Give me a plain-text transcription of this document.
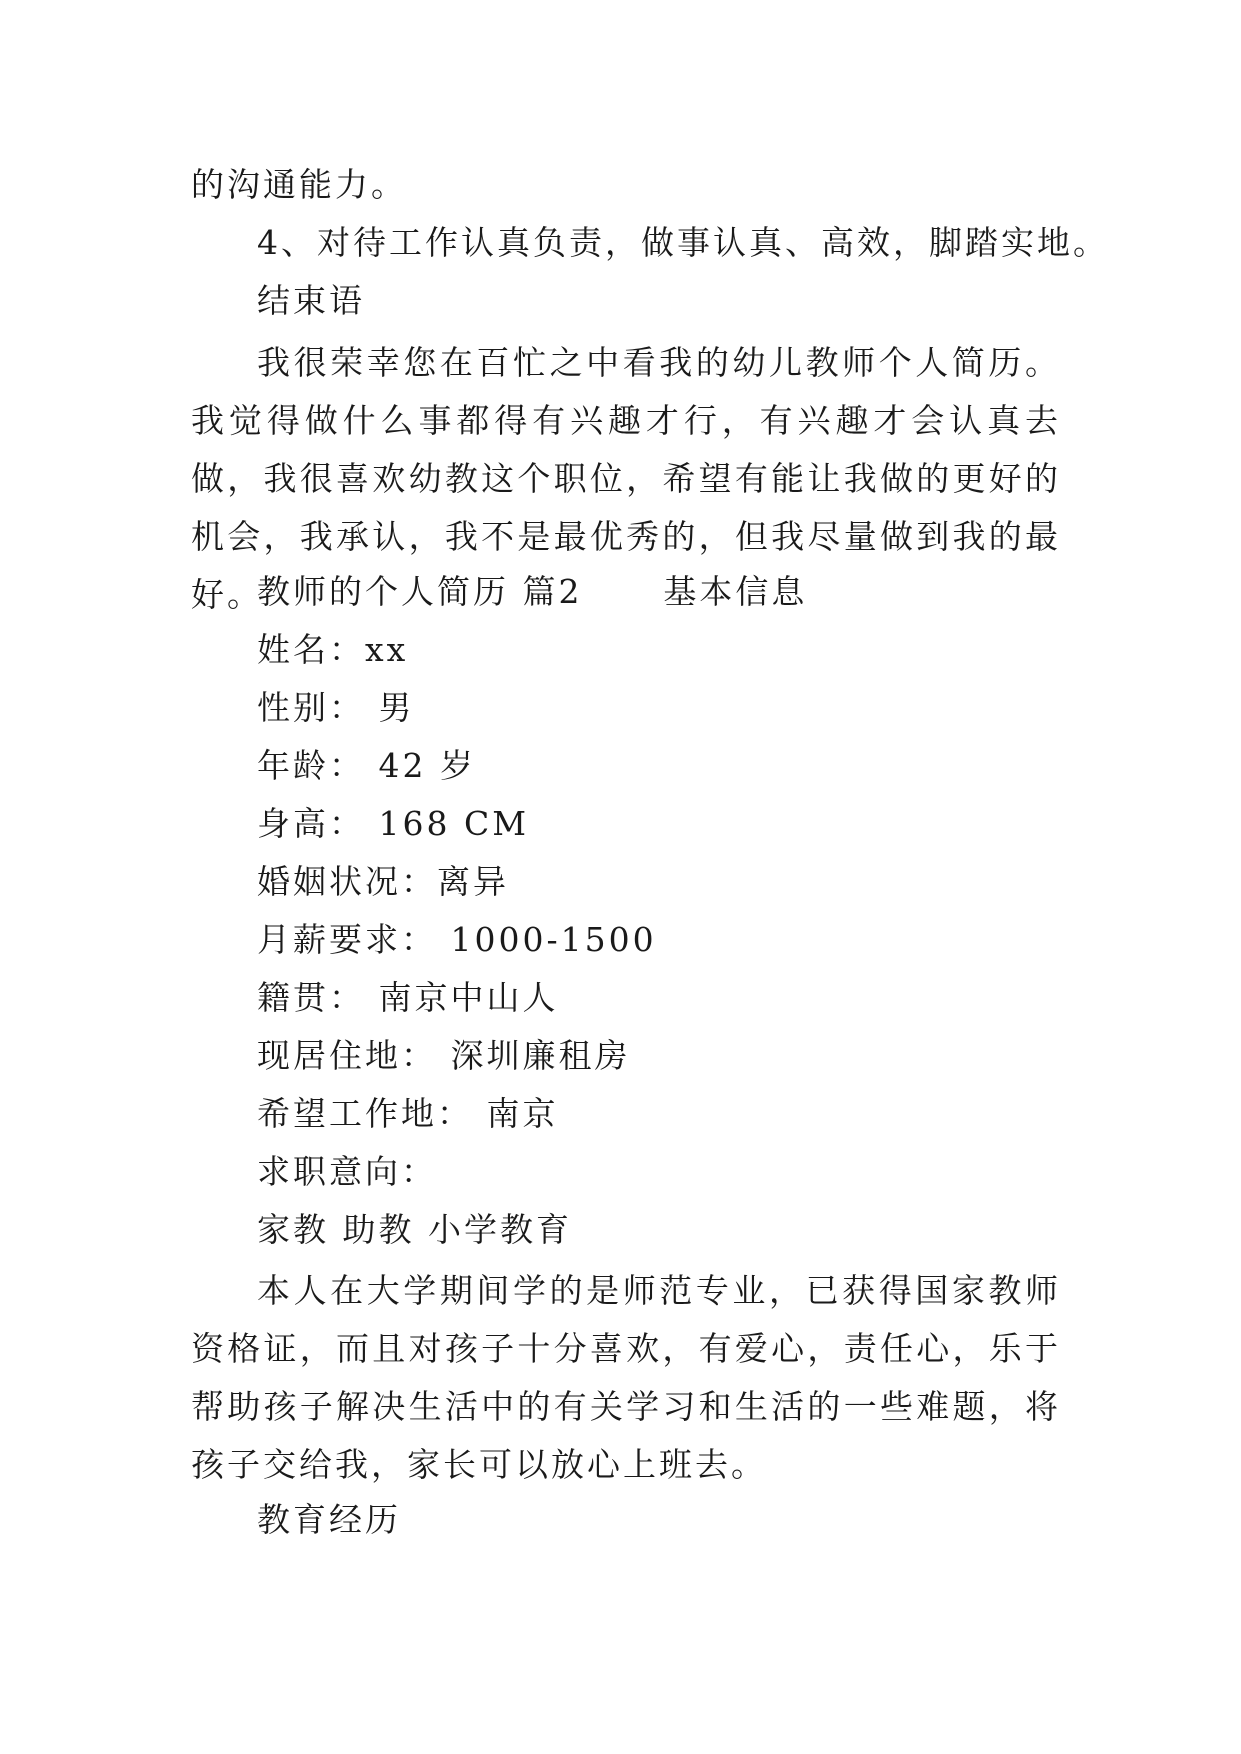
的沟通能力。
4、对待工作认真负责，做事认真、高效，脚踏实地。
结束语

我很荣幸您在百忙之中看我的幼儿教师个人简历。我觉得做什么事都得有兴趣才行，有兴趣才会认真去做，我很喜欢幼教这个职位，希望有能让我做的更好的机会，我承认，我不是最优秀的，但我尽量做到我的最好。

教师的个人简历 篇2      基本信息
姓名：xx
性别： 男
年龄： 42 岁
身高： 168 CM
婚姻状况：离异
月薪要求： 1000-1500
籍贯： 南京中山人
现居住地： 深圳廉租房
希望工作地： 南京
求职意向：
家教 助教 小学教育

本人在大学期间学的是师范专业，已获得国家教师资格证，而且对孩子十分喜欢，有爱心，责任心，乐于帮助孩子解决生活中的有关学习和生活的一些难题，将孩子交给我，家长可以放心上班去。

教育经历
